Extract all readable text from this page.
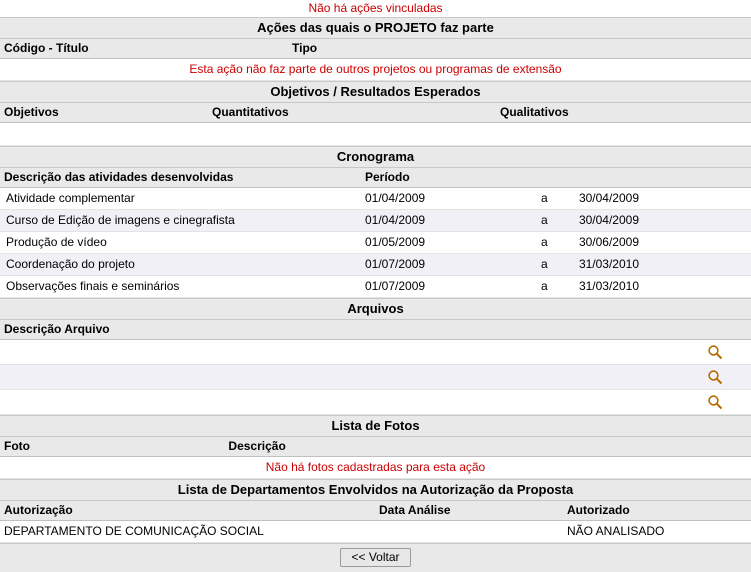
Não há ações vinculadas
Ações das quais o PROJETO faz parte
Código - Título	Tipo
Esta ação não faz parte de outros projetos ou programas de extensão
Objetivos / Resultados Esperados
Objetivos	Quantitativos	Qualitativos

Cronograma
Descrição das atividades desenvolvidas	Período		
Atividade complementar	01/04/2009	a	30/04/2009
Curso de Edição de imagens e cinegrafista	01/04/2009	a	30/04/2009
Produção de vídeo	01/05/2009	a	30/06/2009
Coordenação do projeto	01/07/2009	a	31/03/2010
Observações finais e seminários	01/07/2009	a	31/03/2010
Arquivos
Descrição Arquivo	

Lista de Fotos
Foto	Descrição
Não há fotos cadastradas para esta ação
Lista de Departamentos Envolvidos na Autorização da Proposta
Autorização	Data Análise	Autorizado
DEPARTAMENTO DE COMUNICAÇÃO SOCIAL		NÃO ANALISADO
<< Voltar
